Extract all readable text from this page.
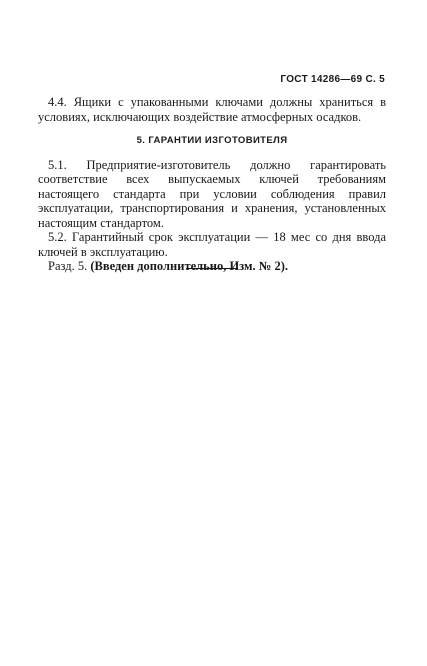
ГОСТ 14286—69 С. 5

4.4. Ящики с упакованными ключами должны храниться в условиях, исключающих воздействие атмосферных осадков.

5. ГАРАНТИИ ИЗГОТОВИТЕЛЯ

5.1. Предприятие-изготовитель должно гарантировать соответствие всех выпускаемых ключей требованиям настоящего стандарта при условии соблюдения правил эксплуатации, транспортирования и хранения, установленных настоящим стандартом.

5.2. Гарантийный срок эксплуатации — 18 мес со дня ввода ключей в эксплуатацию.

Разд. 5. (Введен дополнительно, Изм. № 2).
